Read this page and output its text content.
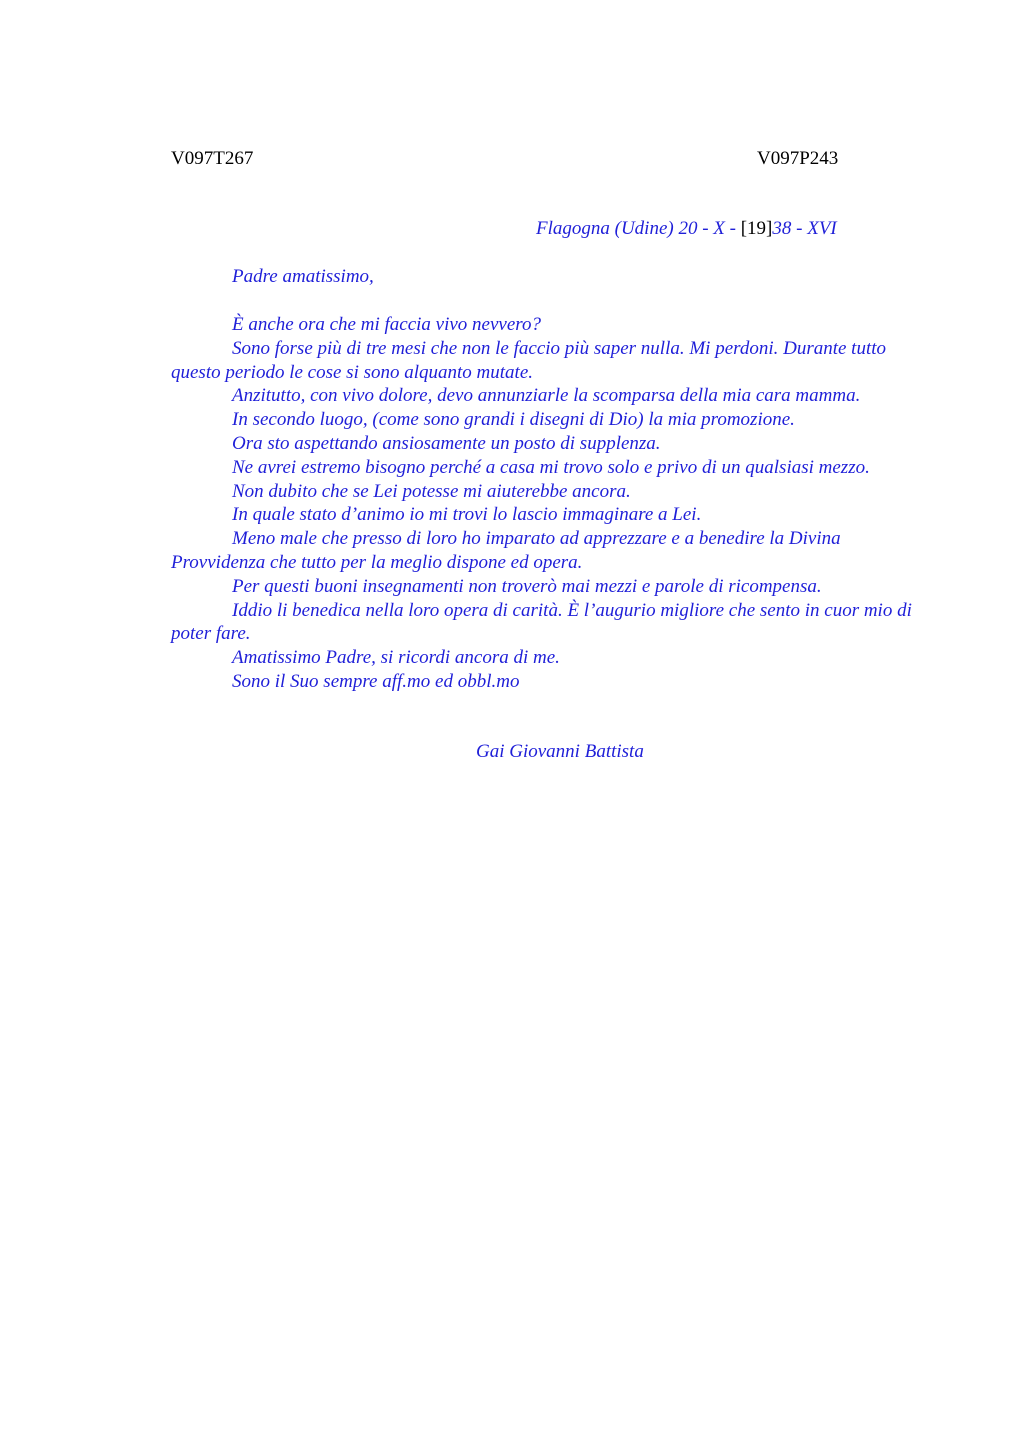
V097T267	V097P243
Flagogna (Udine) 20 - X - [19]38 - XVI
Padre amatissimo,

È anche ora che mi faccia vivo nevvero?

Sono forse più di tre mesi che non le faccio più saper nulla. Mi perdoni. Durante tutto questo periodo le cose si sono alquanto mutate.

Anzitutto, con vivo dolore, devo annunziarle la scomparsa della mia cara mamma.

In secondo luogo, (come sono grandi i disegni di Dio) la mia promozione.

Ora sto aspettando ansiosamente un posto di supplenza.

Ne avrei estremo bisogno perché a casa mi trovo solo e privo di un qualsiasi mezzo.

Non dubito che se Lei potesse mi aiuterebbe ancora.

In quale stato d’animo io mi trovi lo lascio immaginare a Lei.

Meno male che presso di loro ho imparato ad apprezzare e a benedire la Divina Provvidenza che tutto per la meglio dispone ed opera.

Per questi buoni insegnamenti non troverò mai mezzi e parole di ricompensa.

Iddio li benedica nella loro opera di carità. È l’augurio migliore che sento in cuor mio di poter fare.

Amatissimo Padre, si ricordi ancora di me.

Sono il Suo sempre aff.mo ed obbl.mo

Gai Giovanni Battista
